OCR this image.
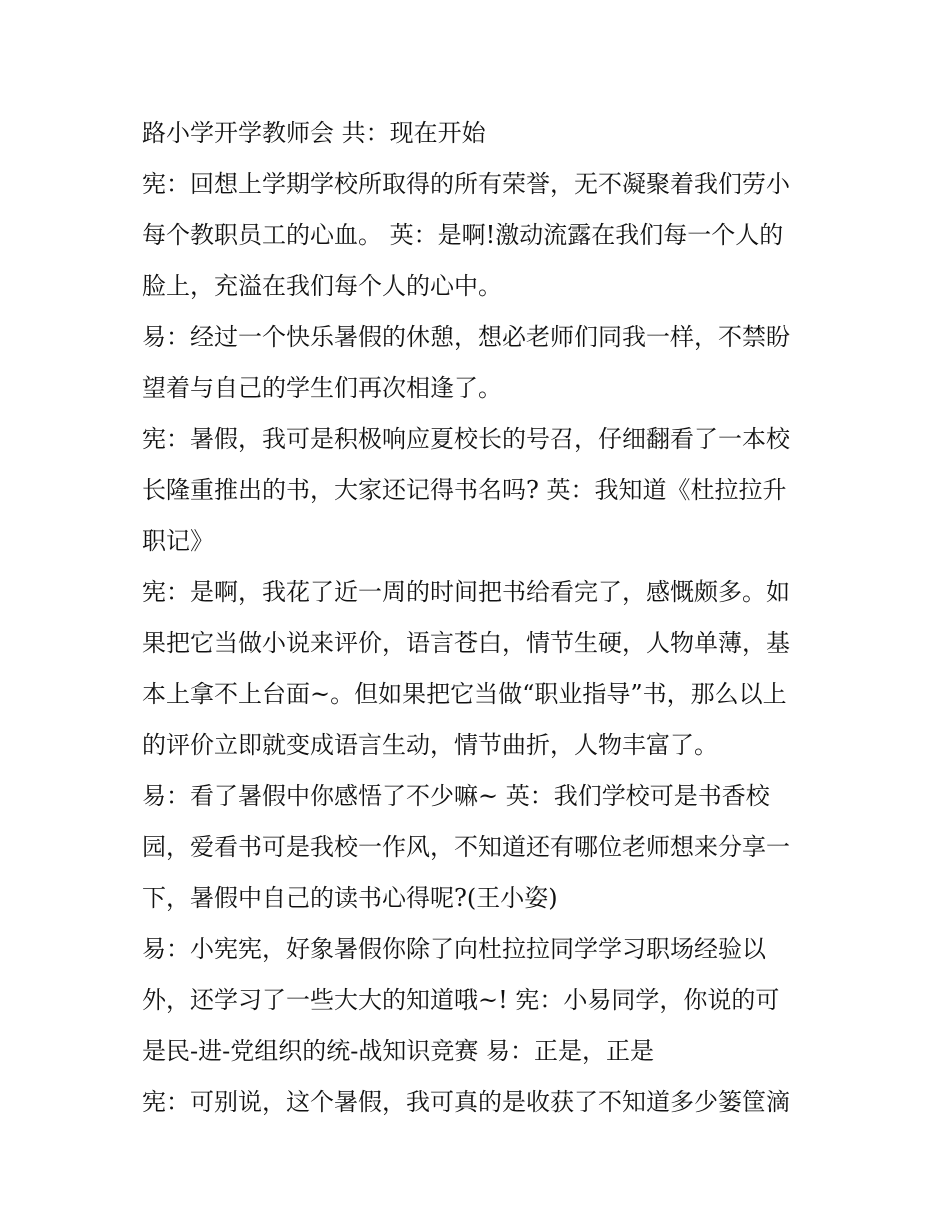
路小学开学教师会 共：现在开始
宪：回想上学期学校所取得的所有荣誉，无不凝聚着我们劳小
每个教职员工的心血。 英：是啊!激动流露在我们每一个人的
脸上，充溢在我们每个人的心中。
易：经过一个快乐暑假的休憩，想必老师们同我一样，不禁盼
望着与自己的学生们再次相逢了。
宪：暑假，我可是积极响应夏校长的号召，仔细翻看了一本校
长隆重推出的书，大家还记得书名吗? 英：我知道《杜拉拉升
职记》
宪：是啊，我花了近一周的时间把书给看完了，感慨颇多。如
果把它当做小说来评价，语言苍白，情节生硬，人物单薄，基
本上拿不上台面~。但如果把它当做“职业指导”书，那么以上
的评价立即就变成语言生动，情节曲折，人物丰富了。
易：看了暑假中你感悟了不少嘛~ 英：我们学校可是书香校
园，爱看书可是我校一作风，不知道还有哪位老师想来分享一
下，暑假中自己的读书心得呢?(王小姿)
易：小宪宪，好象暑假你除了向杜拉拉同学学习职场经验以
外，还学习了一些大大的知道哦~! 宪：小易同学，你说的可
是民-进-党组织的统-战知识竞赛 易：正是，正是
宪：可别说，这个暑假，我可真的是收获了不知道多少篓筐滴
